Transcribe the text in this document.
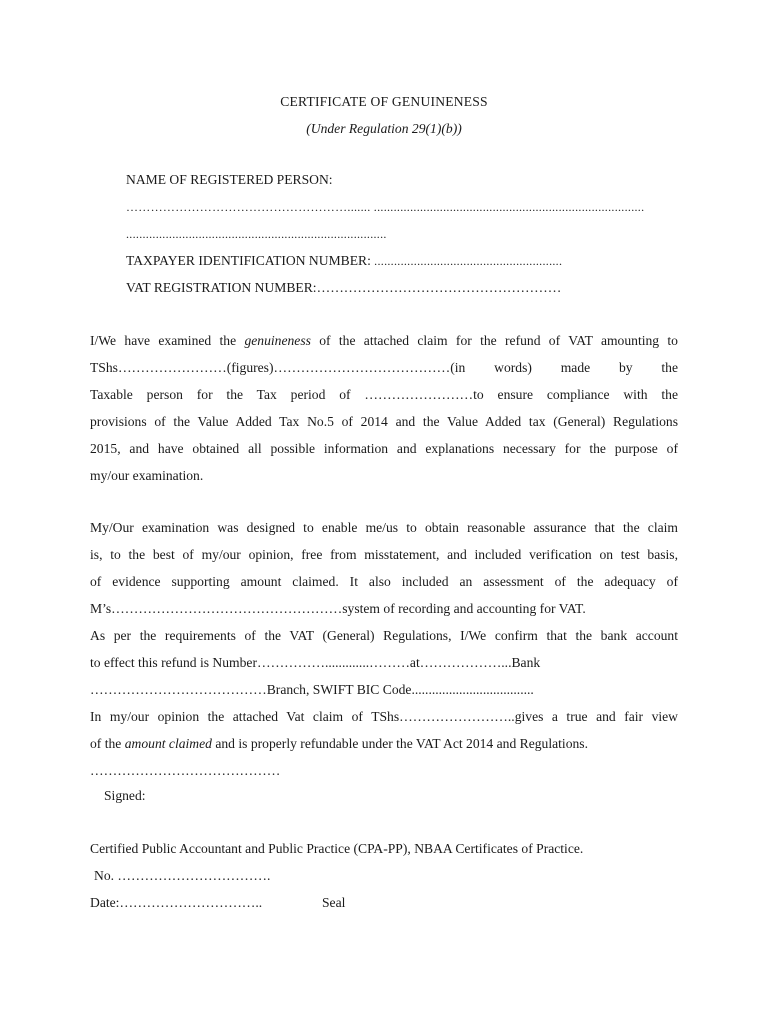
CERTIFICATE OF GENUINENESS
(Under Regulation 29(1)(b))
NAME OF REGISTERED PERSON:
………………………………………………....... ..................................................................................
...............................................................................
TAXPAYER IDENTIFICATION NUMBER: .........................................................
VAT REGISTRATION NUMBER:………………………………………………
I/We have examined the genuineness of the attached claim for the refund of VAT amounting to
TShs……………………(figures)…………………………………(in words) made by the
Taxable person for the Tax period of ……………………to ensure compliance with the
provisions of the Value Added Tax No.5 of 2014 and the Value Added tax (General) Regulations
2015, and have obtained all possible information and explanations necessary for the purpose of
my/our examination.
My/Our examination was designed to enable me/us to obtain reasonable assurance that the claim
is, to the best of my/our opinion, free from misstatement, and included verification on test basis,
of evidence supporting amount claimed. It also included an assessment of the adequacy of
M’s……………………………………………system of recording and accounting for VAT.
As per the requirements of the VAT (General) Regulations, I/We confirm that the bank account
to effect this refund is Number…………….............………at………………...Bank
…………………………………Branch, SWIFT BIC Code....................................
In my/our opinion the attached Vat claim of TShs……………………..gives a true and fair view
of the amount claimed and is properly refundable under the VAT Act 2014 and Regulations.
……………………………………
Signed:
Certified Public Accountant and Public Practice (CPA-PP), NBAA Certificates of Practice.
No. …………………………….
Date:…………………………..	Seal
